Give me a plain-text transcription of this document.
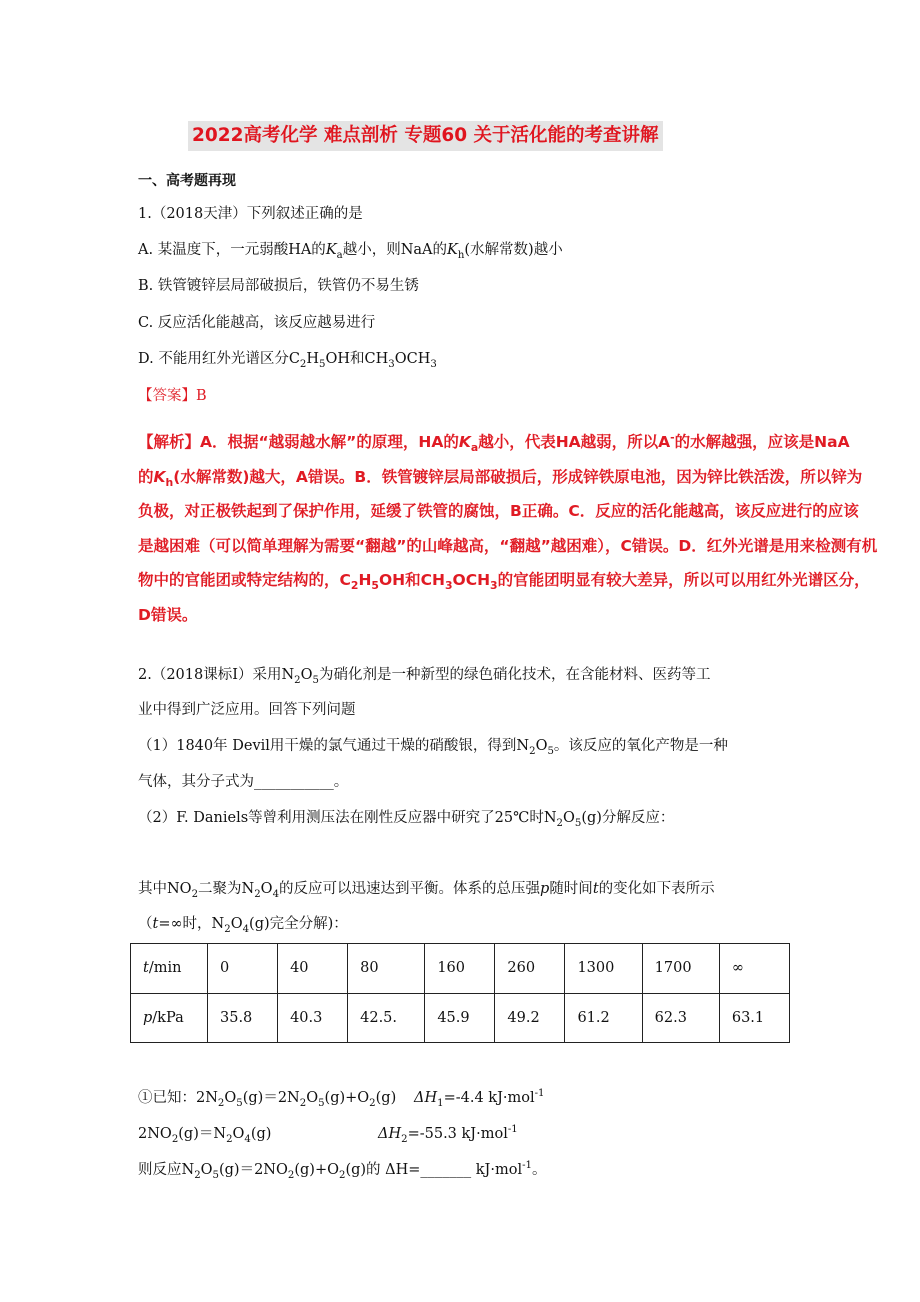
2022高考化学 难点剖析 专题60 关于活化能的考查讲解
一、高考题再现
1.（2018天津）下列叙述正确的是
A. 某温度下，一元弱酸HA的$K_a$越小，则NaA的$K_h$(水解常数)越小
B. 铁管镀锌层局部破损后，铁管仍不易生锈
C. 反应活化能越高，该反应越易进行
D. 不能用红外光谱区分$C_2H_5OH$和$CH_3OCH_3$
【答案】B
【解析】A．根据“越弱越水解”的原理，HA的$K_a$越小，代表HA越弱，所以A-的水解越强，应该是NaA
的$K_h$(水解常数)越大，A错误。B．铁管镀锌层局部破损后，形成锌铁原电池，因为锌比铁活泼，所以锌为
负极，对正极铁起到了保护作用，延缓了铁管的腐蚀，B正确。C．反应的活化能越高，该反应进行的应该
是越困难（可以简单理解为需要“翻越”的山峰越高，“翻越”越困难），C错误。D．红外光谱是用来检测有机
物中的官能团或特定结构的，$C_2H_5OH$和$CH_3OCH_3$的官能团明显有较大差异，所以可以用红外光谱区分，
D错误。
2.（2018课标Ⅰ）采用$N_2O_5$为硝化剂是一种新型的绿色硝化技术，在含能材料、医药等工
业中得到广泛应用。回答下列问题
（1）1840年 Devil用干燥的氯气通过干燥的硝酸银，得到$N_2O_5$。该反应的氧化产物是一种
气体，其分子式为___________。
（2）F. Daniels等曾利用测压法在刚性反应器中研究了25℃时$N_2O_5(g)$分解反应：
其中$NO_2$二聚为$N_2O_4$的反应可以迅速达到平衡。体系的总压强p随时间t的变化如下表所示
（t=∞时，$N_2O_4(g)$完全分解)：
t/min	0	40	80	160	260	1300	1700	∞
p/kPa	35.8	40.3	42.5.	45.9	49.2	61.2	62.3	63.1
①已知：$2N_2O_5(g)=2N_2O_5(g)+O_2(g)$ $\Delta H_1=-4.4$ kJ·mol$^{-1}$
$2NO_2(g)=N_2O_4(g)$	$\Delta H_2=-55.3$ kJ·mol$^{-1}$
则反应$N_2O_5(g)=2NO_2(g)+O_2(g)$的 ΔH=_______ kJ·mol$^{-1}$。
